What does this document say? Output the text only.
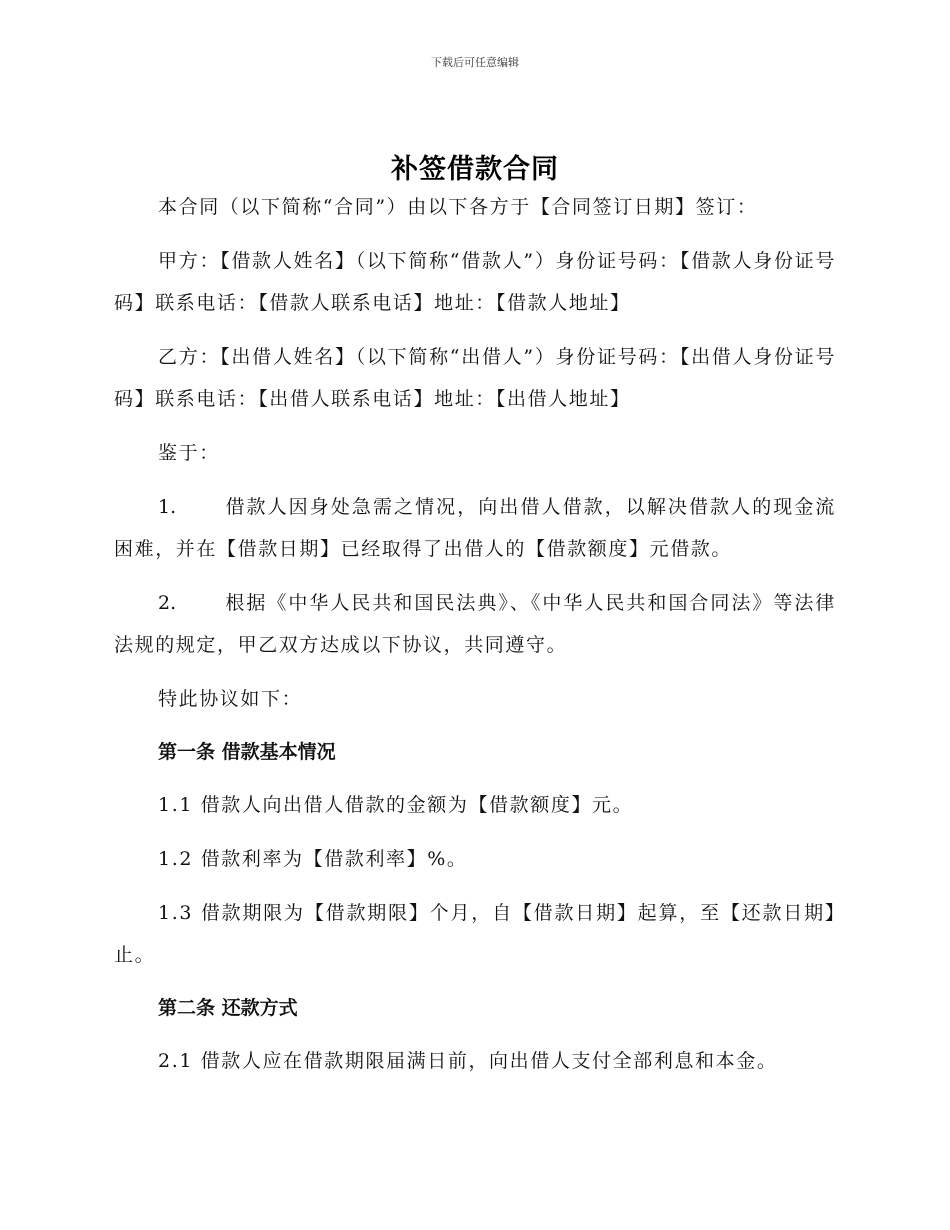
下载后可任意编辑
补签借款合同

本合同（以下简称“合同”）由以下各方于【合同签订日期】签订：

甲方：【借款人姓名】（以下简称“借款人”）身份证号码：【借款人身份证号码】联系电话：【借款人联系电话】地址：【借款人地址】

乙方：【出借人姓名】（以下简称“出借人”）身份证号码：【出借人身份证号码】联系电话：【出借人联系电话】地址：【出借人地址】

鉴于：

1.	借款人因身处急需之情况，向出借人借款，以解决借款人的现金流困难，并在【借款日期】已经取得了出借人的【借款额度】元借款。

2.	根据《中华人民共和国民法典》、《中华人民共和国合同法》等法律法规的规定，甲乙双方达成以下协议，共同遵守。

特此协议如下：

第一条 借款基本情况

1.1 借款人向出借人借款的金额为【借款额度】元。

1.2 借款利率为【借款利率】%。

1.3 借款期限为【借款期限】个月，自【借款日期】起算，至【还款日期】止。

第二条 还款方式

2.1 借款人应在借款期限届满日前，向出借人支付全部利息和本金。
